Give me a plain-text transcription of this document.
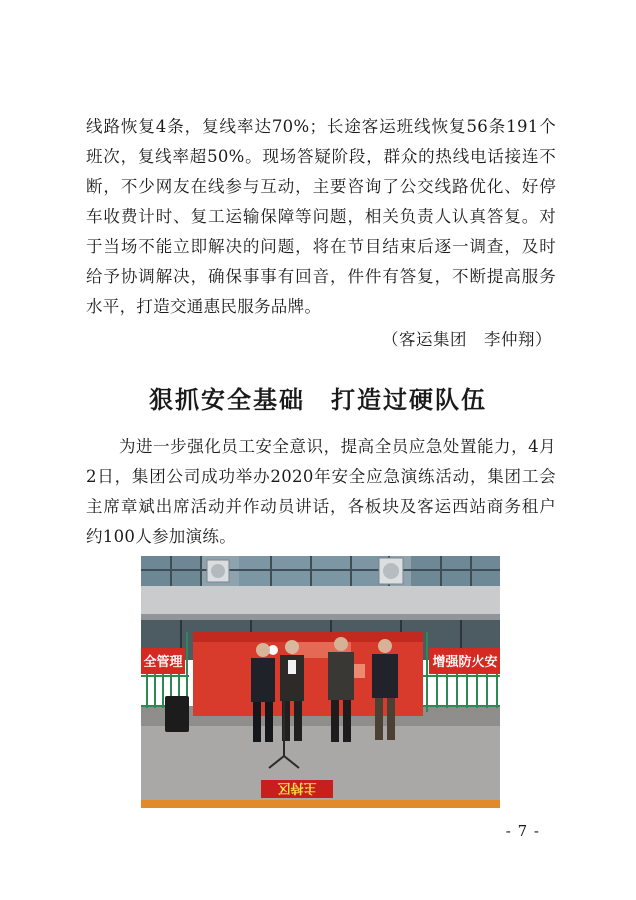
线路恢复4条，复线率达70%；长途客运班线恢复56条191个班次，复线率超50%。现场答疑阶段，群众的热线电话接连不断，不少网友在线参与互动，主要咨询了公交线路优化、好停车收费计时、复工运输保障等问题，相关负责人认真答复。对于当场不能立即解决的问题，将在节目结束后逐一调查，及时给予协调解决，确保事事有回音，件件有答复，不断提高服务水平，打造交通惠民服务品牌。
（客运集团　李仲翔）
狠抓安全基础　打造过硬队伍
为进一步强化员工安全意识，提高全员应急处置能力，4月2日，集团公司成功举办2020年安全应急演练活动，集团工会主席章斌出席活动并作动员讲话，各板块及客运西站商务租户约100人参加演练。
全管理	增强防火安
主持区
- 7 -
